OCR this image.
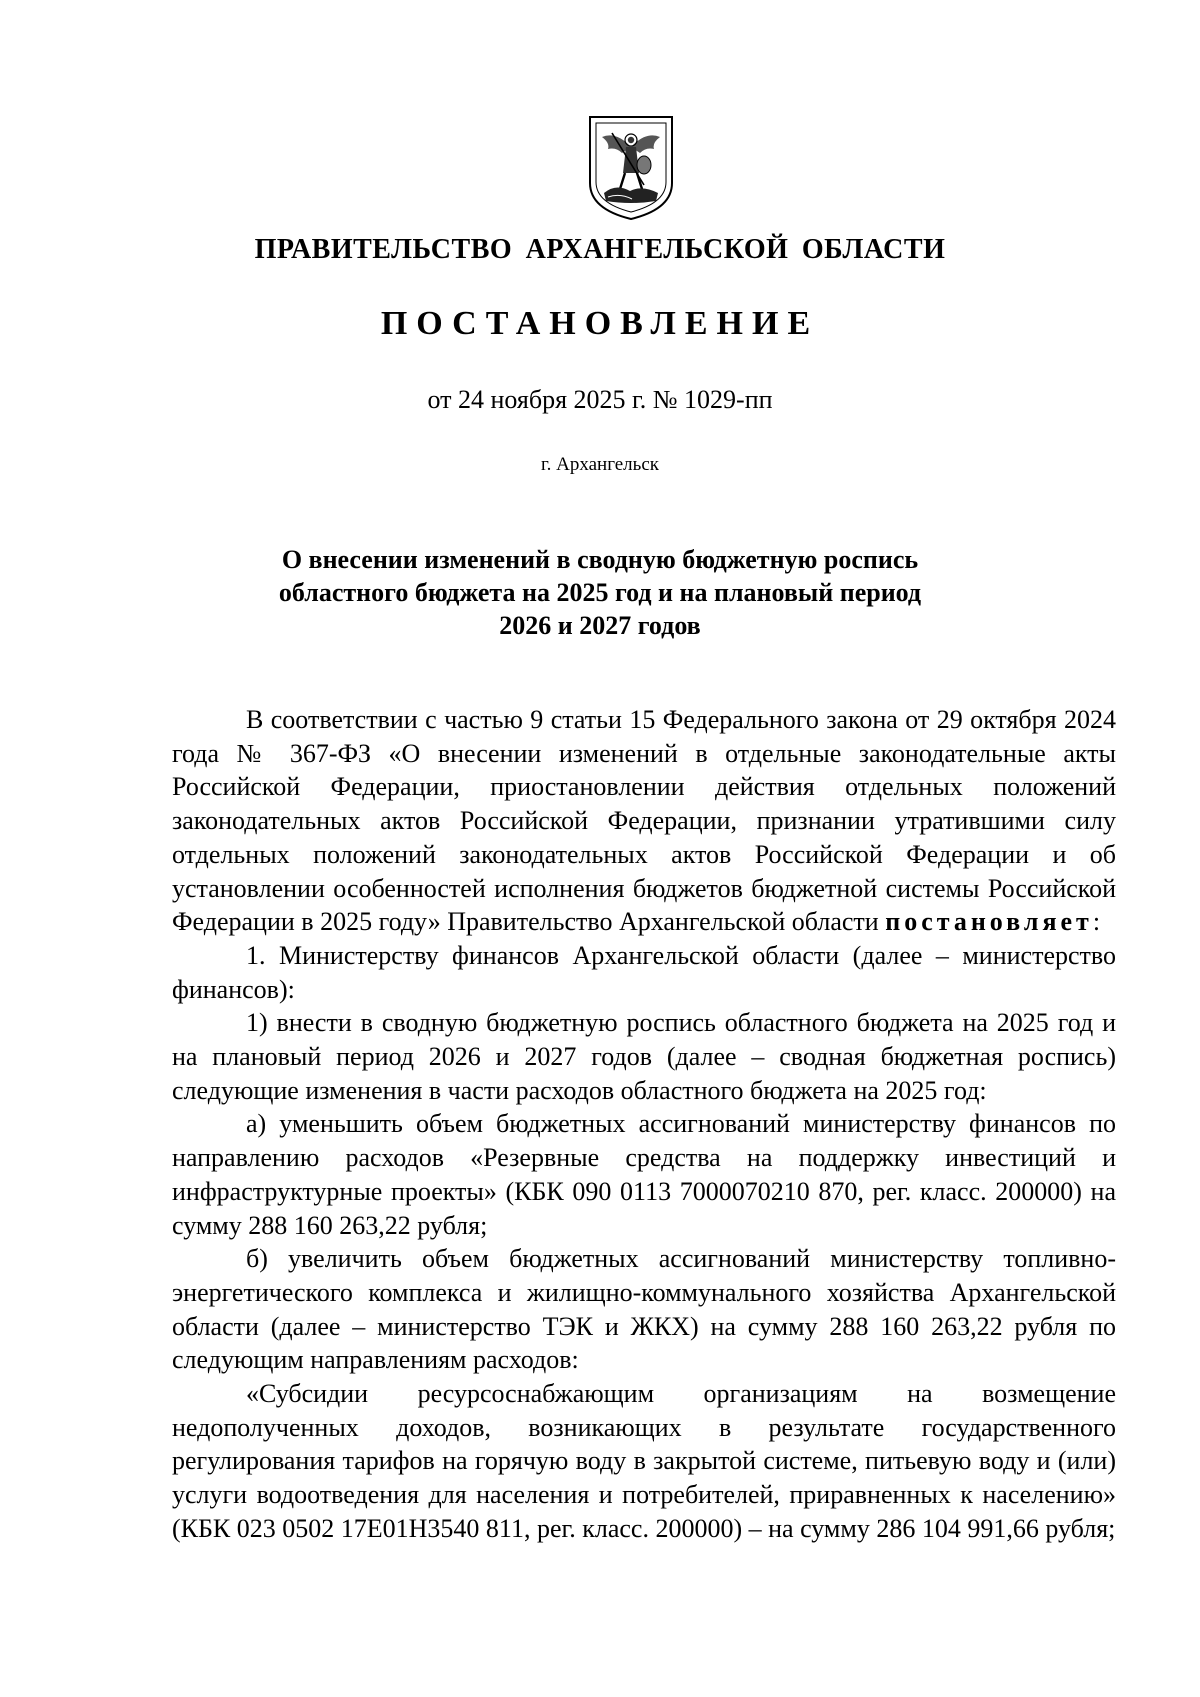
ПРАВИТЕЛЬСТВО АРХАНГЕЛЬСКОЙ ОБЛАСТИ
ПОСТАНОВЛЕНИЕ
от 24 ноября 2025 г. № 1029-пп
г. Архангельск
О внесении изменений в сводную бюджетную роспись
областного бюджета на 2025 год и на плановый период
2026 и 2027 годов

В соответствии с частью 9 статьи 15 Федерального закона от 29 октября 2024 года № 367-ФЗ «О внесении изменений в отдельные законодательные акты Российской Федерации, приостановлении действия отдельных положений законодательных актов Российской Федерации, признании утратившими силу отдельных положений законодательных актов Российской Федерации и об установлении особенностей исполнения бюджетов бюджетной системы Российской Федерации в 2025 году» Правительство Архангельской области постановляет:

1. Министерству финансов Архангельской области (далее – министерство финансов):

1) внести в сводную бюджетную роспись областного бюджета на 2025 год и на плановый период 2026 и 2027 годов (далее – сводная бюджетная роспись) следующие изменения в части расходов областного бюджета на 2025 год:

а) уменьшить объем бюджетных ассигнований министерству финансов по направлению расходов «Резервные средства на поддержку инвестиций и инфраструктурные проекты» (КБК 090 0113 7000070210 870, рег. класс. 200000) на сумму 288 160 263,22 рубля;

б) увеличить объем бюджетных ассигнований министерству топливно-энергетического комплекса и жилищно-коммунального хозяйства Архангельской области (далее – министерство ТЭК и ЖКХ) на сумму 288 160 263,22 рубля по следующим направлениям расходов:

«Субсидии ресурсоснабжающим организациям на возмещение недополученных доходов, возникающих в результате государственного регулирования тарифов на горячую воду в закрытой системе, питьевую воду и (или) услуги водоотведения для населения и потребителей, приравненных к населению» (КБК 023 0502 17Е01Н3540 811, рег. класс. 200000) – на сумму 286 104 991,66 рубля;
